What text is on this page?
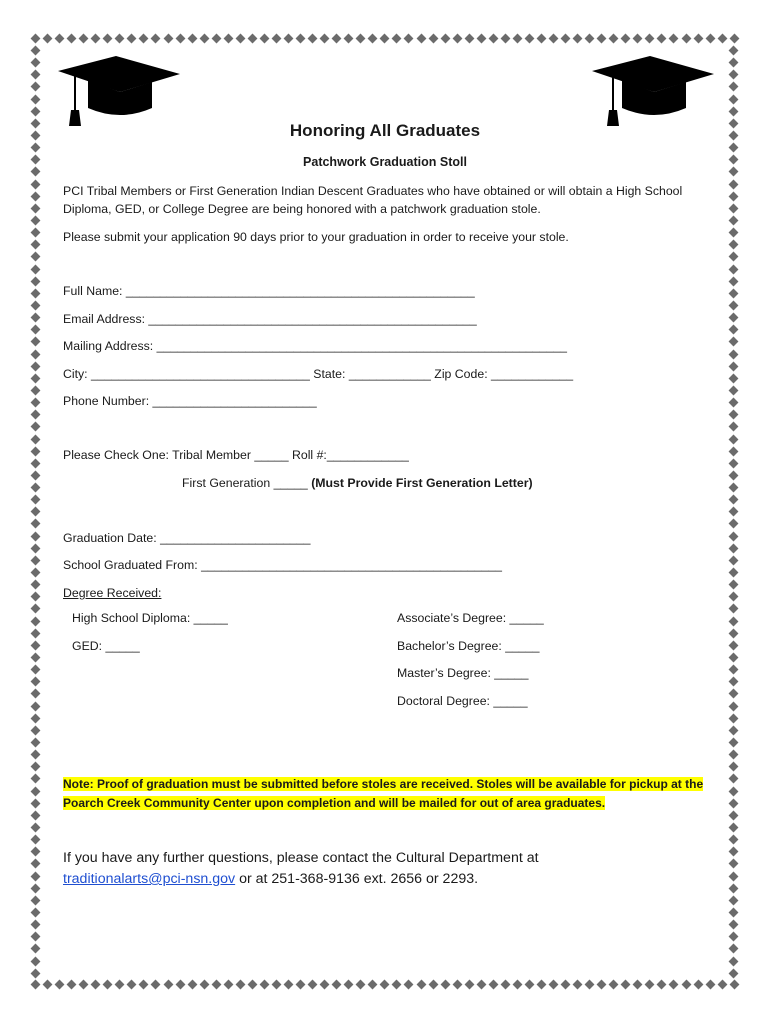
Honoring All Graduates
Patchwork Graduation Stoll
PCI Tribal Members or First Generation Indian Descent Graduates who have obtained or will obtain a High School Diploma, GED, or College Degree are being honored with a patchwork graduation stole.
Please submit your application 90 days prior to your graduation in order to receive your stole.
Full Name: ___________________________________________________
Email Address: ________________________________________________
Mailing Address: ____________________________________________________________
City: ________________________________ State: ____________ Zip Code: ____________
Phone Number: ________________________
Please Check One: Tribal Member _____ Roll #:____________
First Generation _____ (Must Provide First Generation Letter)
Graduation Date: ______________________
School Graduated From: ____________________________________________
Degree Received:
High School Diploma: _____
GED: _____
Associate’s Degree: _____
Bachelor’s Degree: _____
Master’s Degree: _____
Doctoral Degree: _____
Note: Proof of graduation must be submitted before stoles are received. Stoles will be available for pickup at the Poarch Creek Community Center upon completion and will be mailed for out of area graduates.
If you have any further questions, please contact the Cultural Department at
traditionalarts@pci-nsn.gov or at 251-368-9136 ext. 2656 or 2293.
